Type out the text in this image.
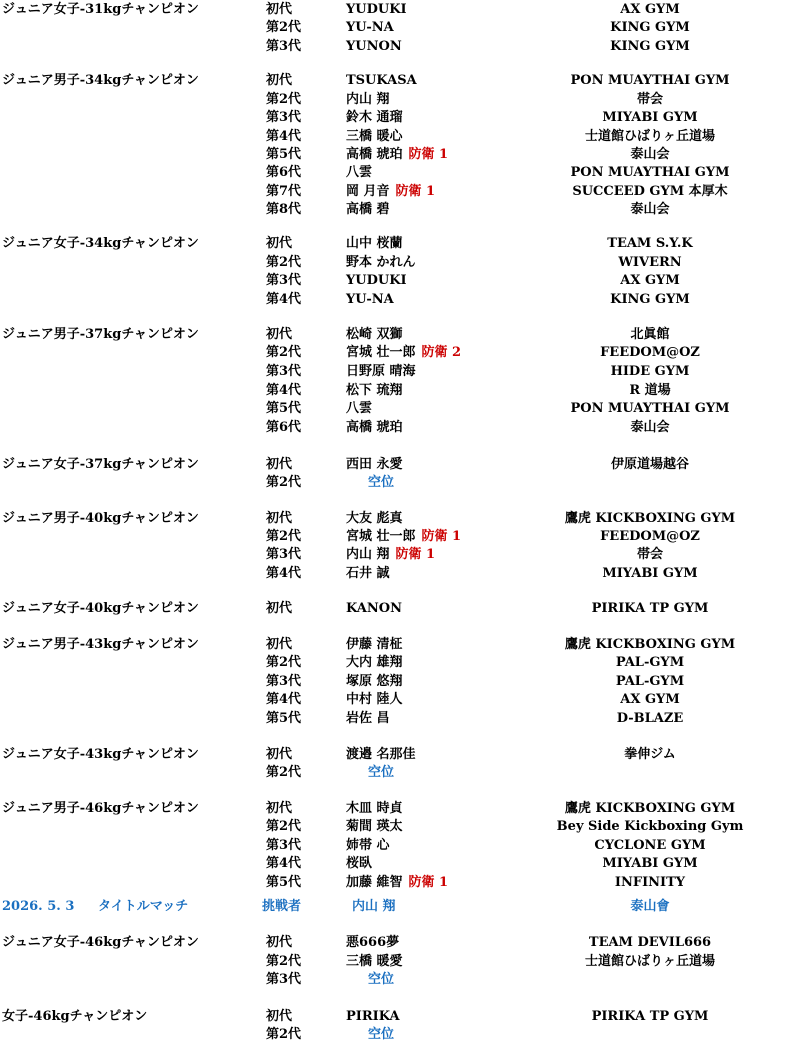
ジュニア女子-31kgチャンピオン	初代	YUDUKI	AX GYM
第2代	YU-NA	KING GYM
第3代	YUNON	KING GYM
ジュニア男子-34kgチャンピオン	初代	TSUKASA	PON MUAYTHAI GYM
第2代	内山 翔	帯会
第3代	鈴木 通瑠	MIYABI GYM
第4代	三橋 暖心	士道館ひばりヶ丘道場
第5代	高橋 琥珀 防衛 1	泰山会
第6代	八雲	PON MUAYTHAI GYM
第7代	岡 月音 防衛 1	SUCCEED GYM 本厚木
第8代	高橋 碧	泰山会
ジュニア女子-34kgチャンピオン	初代	山中 桜蘭	TEAM S.Y.K
第2代	野本 かれん	WIVERN
第3代	YUDUKI	AX GYM
第4代	YU-NA	KING GYM
ジュニア男子-37kgチャンピオン	初代	松崎 双獅	北眞館
第2代	宮城 壮一郎 防衛 2	FEEDOM@OZ
第3代	日野原 晴海	HIDE GYM
第4代	松下 琉翔	R 道場
第5代	八雲	PON MUAYTHAI GYM
第6代	高橋 琥珀	泰山会
ジュニア女子-37kgチャンピオン	初代	西田 永愛	伊原道場越谷
第2代	空位
ジュニア男子-40kgチャンピオン	初代	大友 彪真	鷹虎 KICKBOXING GYM
第2代	宮城 壮一郎 防衛 1	FEEDOM@OZ
第3代	内山 翔 防衛 1	帯会
第4代	石井 誠	MIYABI GYM
ジュニア女子-40kgチャンピオン	初代	KANON	PIRIKA TP GYM
ジュニア男子-43kgチャンピオン	初代	伊藤 清柾	鷹虎 KICKBOXING GYM
第2代	大内 雄翔	PAL-GYM
第3代	塚原 悠翔	PAL-GYM
第4代	中村 陸人	AX GYM
第5代	岩佐 昌	D-BLAZE
ジュニア女子-43kgチャンピオン	初代	渡邉 名那佳	拳伸ジム
第2代	空位
ジュニア男子-46kgチャンピオン	初代	木皿 時貞	鷹虎 KICKBOXING GYM
第2代	菊間 瑛太	Bey Side Kickboxing Gym
第3代	姉帯 心	CYCLONE GYM
第4代	桜臥	MIYABI GYM
第5代	加藤 維智 防衛 1	INFINITY
2026. 5. 3 タイトルマッチ	挑戦者	内山 翔	泰山會
ジュニア女子-46kgチャンピオン	初代	悪666夢	TEAM DEVIL666
第2代	三橋 暖愛	士道館ひばりヶ丘道場
第3代	空位
女子-46kgチャンピオン	初代	PIRIKA	PIRIKA TP GYM
第2代	空位
